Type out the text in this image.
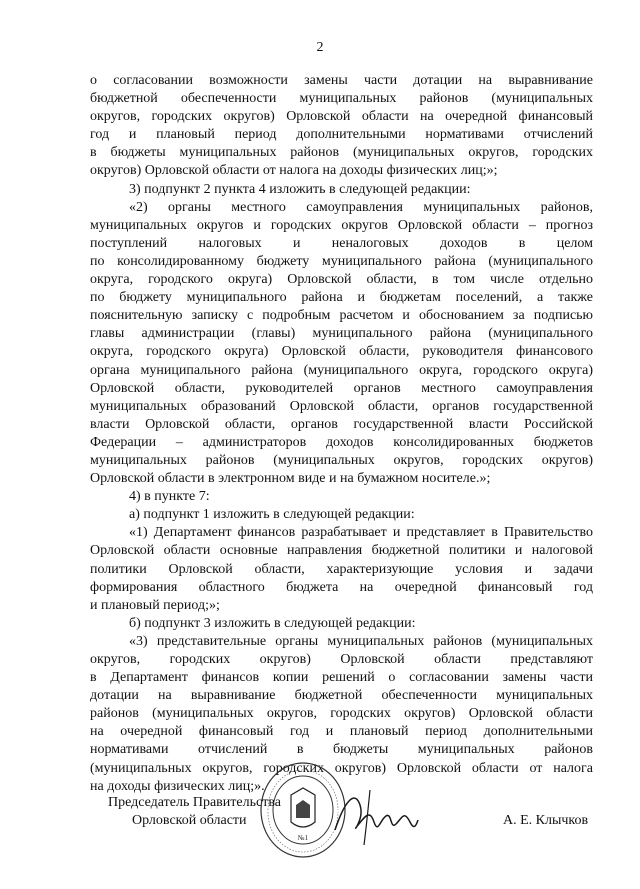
2
о согласовании возможности замены части дотации на выравнивание
бюджетной обеспеченности муниципальных районов (муниципальных
округов, городских округов) Орловской области на очередной финансовый
год и плановый период дополнительными нормативами отчислений
в бюджеты муниципальных районов (муниципальных округов, городских
округов) Орловской области от налога на доходы физических лиц;»;
3) подпункт 2 пункта 4 изложить в следующей редакции:
«2) органы местного самоуправления муниципальных районов,
муниципальных округов и городских округов Орловской области – прогноз
поступлений налоговых и неналоговых доходов в целом
по консолидированному бюджету муниципального района (муниципального
округа, городского округа) Орловской области, в том числе отдельно
по бюджету муниципального района и бюджетам поселений, а также
пояснительную записку с подробным расчетом и обоснованием за подписью
главы администрации (главы) муниципального района (муниципального
округа, городского округа) Орловской области, руководителя финансового
органа муниципального района (муниципального округа, городского округа)
Орловской области, руководителей органов местного самоуправления
муниципальных образований Орловской области, органов государственной
власти Орловской области, органов государственной власти Российской
Федерации – администраторов доходов консолидированных бюджетов
муниципальных районов (муниципальных округов, городских округов)
Орловской области в электронном виде и на бумажном носителе.»;
4) в пункте 7:
а) подпункт 1 изложить в следующей редакции:
«1) Департамент финансов разрабатывает и представляет в Правительство
Орловской области основные направления бюджетной политики и налоговой
политики Орловской области, характеризующие условия и задачи
формирования областного бюджета на очередной финансовый год
и плановый период;»;
б) подпункт 3 изложить в следующей редакции:
«3) представительные органы муниципальных районов (муниципальных
округов, городских округов) Орловской области представляют
в Департамент финансов копии решений о согласовании замены части
дотации на выравнивание бюджетной обеспеченности муниципальных
районов (муниципальных округов, городских округов) Орловской области
на очередной финансовый год и плановый период дополнительными
нормативами отчислений в бюджеты муниципальных районов
(муниципальных округов, городских округов) Орловской области от налога
на доходы физических лиц;».
№1
Председатель Правительства
Орловской области	А. Е. Клычков
